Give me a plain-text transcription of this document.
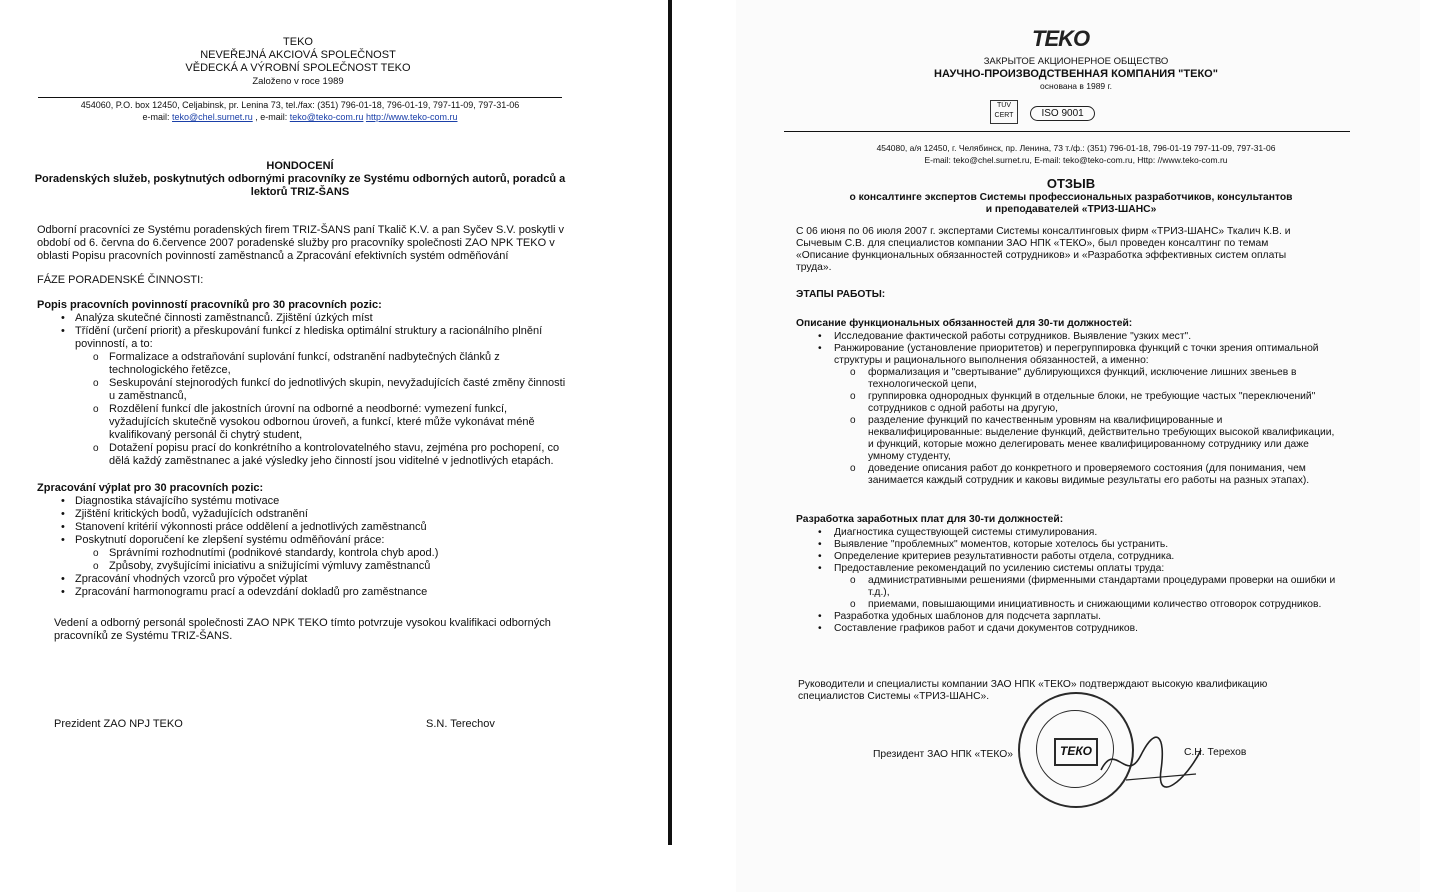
TEKO
NEVEŘEJNÁ AKCIOVÁ SPOLEČNOST
VĚDECKÁ A VÝROBNÍ SPOLEČNOST TEKO
Založeno v roce 1989
454060, P.O. box 12450, Celjabinsk, pr. Lenina 73, tel./fax: (351) 796-01-18, 796-01-19, 797-11-09, 797-31-06
e-mail: teko@chel.surnet.ru , e-mail: teko@teko-com.ru http://www.teko-com.ru
HONDOCENÍ
Poradenských služeb, poskytnutých odbornými pracovníky ze Systému odborných autorů, poradců a lektorů TRIZ-ŠANS
Odborní pracovníci ze Systému poradenských firem TRIZ-ŠANS paní Tkalič K.V. a pan Syčev S.V. poskytli v období od 6. června do 6.července 2007 poradenské služby pro pracovníky společnosti ZAO NPK TEKO v oblasti Popisu pracovních povinností zaměstnanců a Zpracování efektivních systém odměňování
FÁZE PORADENSKÉ ČINNOSTI:
Popis pracovních povinností pracovníků pro 30 pracovních pozic:
• Analýza skutečné činnosti zaměstnanců. Zjištění úzkých míst
• Třídění (určení priorit) a přeskupování funkcí z hlediska optimální struktury a racionálního plnění povinností, a to:
o Formalizace a odstraňování suplování funkcí, odstranění nadbytečných článků z technologického řetězce,
o Seskupování stejnorodých funkcí do jednotlivých skupin, nevyžadujících časté změny činnosti u zaměstnanců,
o Rozdělení funkcí dle jakostních úrovní na odborné a neodborné: vymezení funkcí, vyžadujících skutečně vysokou odbornou úroveň, a funkcí, které může vykonávat méně kvalifikovaný personál či chytrý student,
o Dotažení popisu prací do konkrétního a kontrolovatelného stavu, zejména pro pochopení, co dělá každý zaměstnanec a jaké výsledky jeho činností jsou viditelné v jednotlivých etapách.
Zpracování výplat pro 30 pracovních pozic:
• Diagnostika stávajícího systému motivace
• Zjištění kritických bodů, vyžadujících odstranění
• Stanovení kritérií výkonnosti práce oddělení a jednotlivých zaměstnanců
• Poskytnutí doporučení ke zlepšení systému odměňování práce:
o Správními rozhodnutími (podnikové standardy, kontrola chyb apod.)
o Způsoby, zvyšujícími iniciativu a snižujícími výmluvy zaměstnanců
• Zpracování vhodných vzorců pro výpočet výplat
• Zpracování harmonogramu prací a odevzdání dokladů pro zaměstnance
Vedení a odborný personál společnosti ZAO NPK TEKO tímto potvrzuje vysokou kvalifikaci odborných pracovníků ze Systému TRIZ-ŠANS.
Prezident ZAO NPJ TEKO	S.N. Terechov
TEKO
ЗАКРЫТОЕ АКЦИОНЕРНОЕ ОБЩЕСТВО
НАУЧНО-ПРОИЗВОДСТВЕННАЯ КОМПАНИЯ "ТЕКО"
основана в 1989 г.
TÜV CERT	ISO 9001
454080, а/я 12450, г. Челябинск, пр. Ленина, 73 т./ф.: (351) 796-01-18, 796-01-19 797-11-09, 797-31-06
E-mail: teko@chel.surnet.ru, E-mail: teko@teko-com.ru, Http: //www.teko-com.ru
ОТЗЫВ
о консалтинге экспертов Системы профессиональных разработчиков, консультантов и преподавателей «ТРИЗ-ШАНС»
С 06 июня по 06 июля 2007 г. экспертами Системы консалтинговых фирм «ТРИЗ-ШАНС» Ткалич К.В. и Сычевым С.В. для специалистов компании ЗАО НПК «ТЕКО», был проведен консалтинг по темам «Описание функциональных обязанностей сотрудников» и «Разработка эффективных систем оплаты труда».
ЭТАПЫ РАБОТЫ:
Описание функциональных обязанностей для 30-ти должностей:
• Исследование фактической работы сотрудников. Выявление "узких мест".
• Ранжирование (установление приоритетов) и перегруппировка функций с точки зрения оптимальной структуры и рационального выполнения обязанностей, а именно:
o формализация и "свертывание" дублирующихся функций, исключение лишних звеньев в технологической цепи,
o группировка однородных функций в отдельные блоки, не требующие частых "переключений" сотрудников с одной работы на другую,
o разделение функций по качественным уровням на квалифицированные и неквалифицированные: выделение функций, действительно требующих высокой квалификации, и функций, которые можно делегировать менее квалифицированному сотруднику или даже умному студенту,
o доведение описания работ до конкретного и проверяемого состояния (для понимания, чем занимается каждый сотрудник и каковы видимые результаты его работы на разных этапах).
Разработка заработных плат для 30-ти должностей:
• Диагностика существующей системы стимулирования.
• Выявление "проблемных" моментов, которые хотелось бы устранить.
• Определение критериев результативности работы отдела, сотрудника.
• Предоставление рекомендаций по усилению системы оплаты труда:
o административными решениями (фирменными стандартами процедурами проверки на ошибки и т.д.),
o приемами, повышающими инициативность и снижающими количество отговорок сотрудников.
• Разработка удобных шаблонов для подсчета зарплаты.
• Составление графиков работ и сдачи документов сотрудников.
Руководители и специалисты компании ЗАО НПК «ТЕКО» подтверждают высокую квалификацию специалистов Системы «ТРИЗ-ШАНС».
ТЕКО
Президент ЗАО НПК «ТЕКО»	С.Н. Терехов
